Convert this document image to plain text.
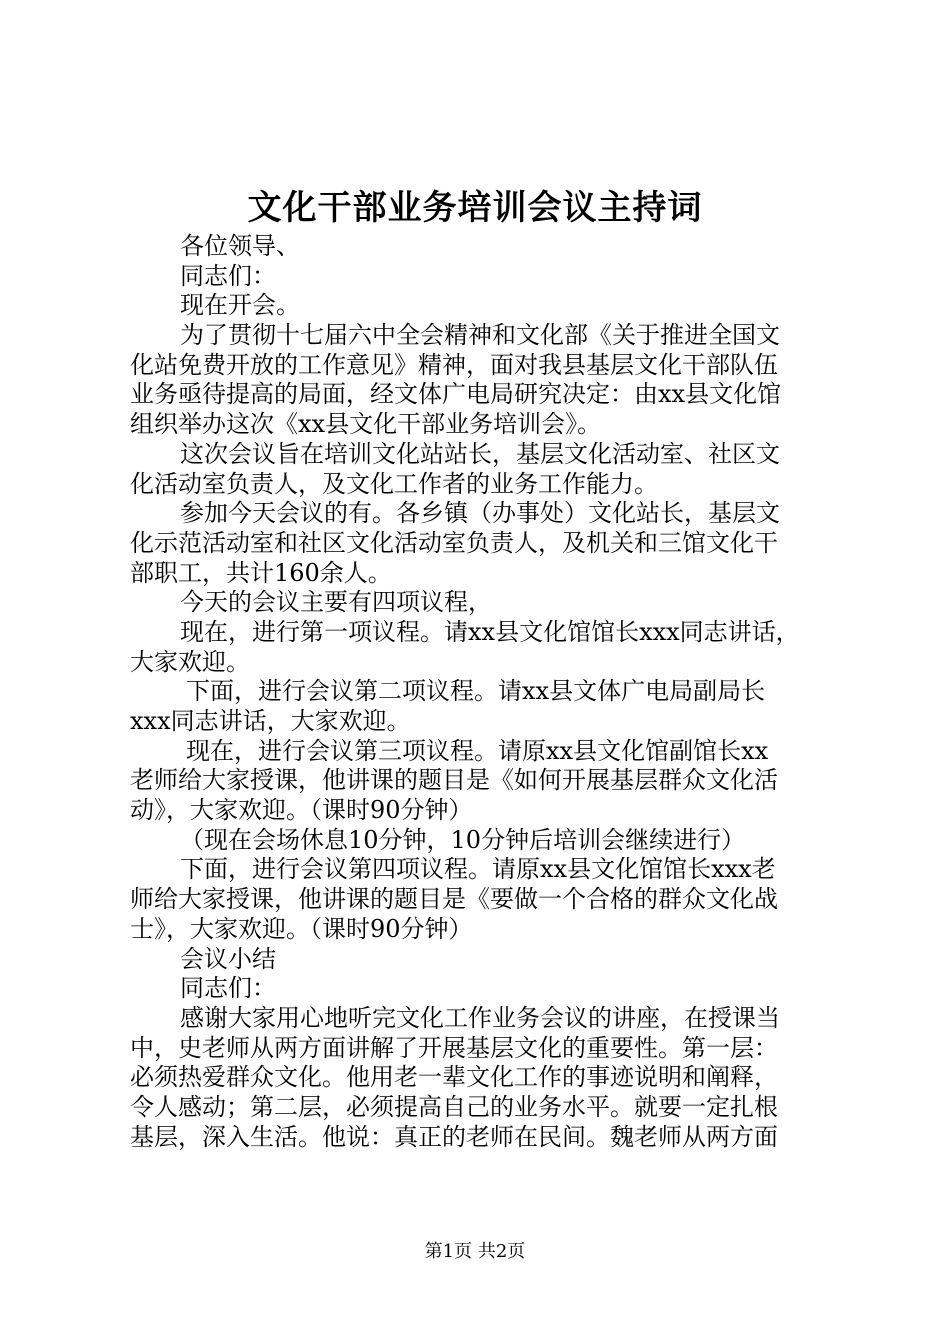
文化干部业务培训会议主持词
各位领导、
同志们：
现在开会。
为了贯彻十七届六中全会精神和文化部《关于推进全国文
化站免费开放的工作意见》精神，面对我县基层文化干部队伍
业务亟待提高的局面，经文体广电局研究决定：由xx县文化馆
组织举办这次《xx县文化干部业务培训会》。
这次会议旨在培训文化站站长，基层文化活动室、社区文
化活动室负责人，及文化工作者的业务工作能力。
参加今天会议的有。各乡镇（办事处）文化站长，基层文
化示范活动室和社区文化活动室负责人，及机关和三馆文化干
部职工，共计160余人。
今天的会议主要有四项议程，
现在，进行第一项议程。请xx县文化馆馆长xxx同志讲话，
大家欢迎。
下面，进行会议第二项议程。请xx县文体广电局副局长
xxx同志讲话，大家欢迎。
现在，进行会议第三项议程。请原xx县文化馆副馆长xx
老师给大家授课，他讲课的题目是《如何开展基层群众文化活
动》，大家欢迎。（课时90分钟）
（现在会场休息10分钟，10分钟后培训会继续进行）
下面，进行会议第四项议程。请原xx县文化馆馆长xxx老
师给大家授课，他讲课的题目是《要做一个合格的群众文化战
士》，大家欢迎。（课时90分钟）
会议小结
同志们：
感谢大家用心地听完文化工作业务会议的讲座，在授课当
中，史老师从两方面讲解了开展基层文化的重要性。第一层：
必须热爱群众文化。他用老一辈文化工作的事迹说明和阐释，
令人感动；第二层，必须提高自己的业务水平。就要一定扎根
基层，深入生活。他说：真正的老师在民间。魏老师从两方面
第1页 共2页
